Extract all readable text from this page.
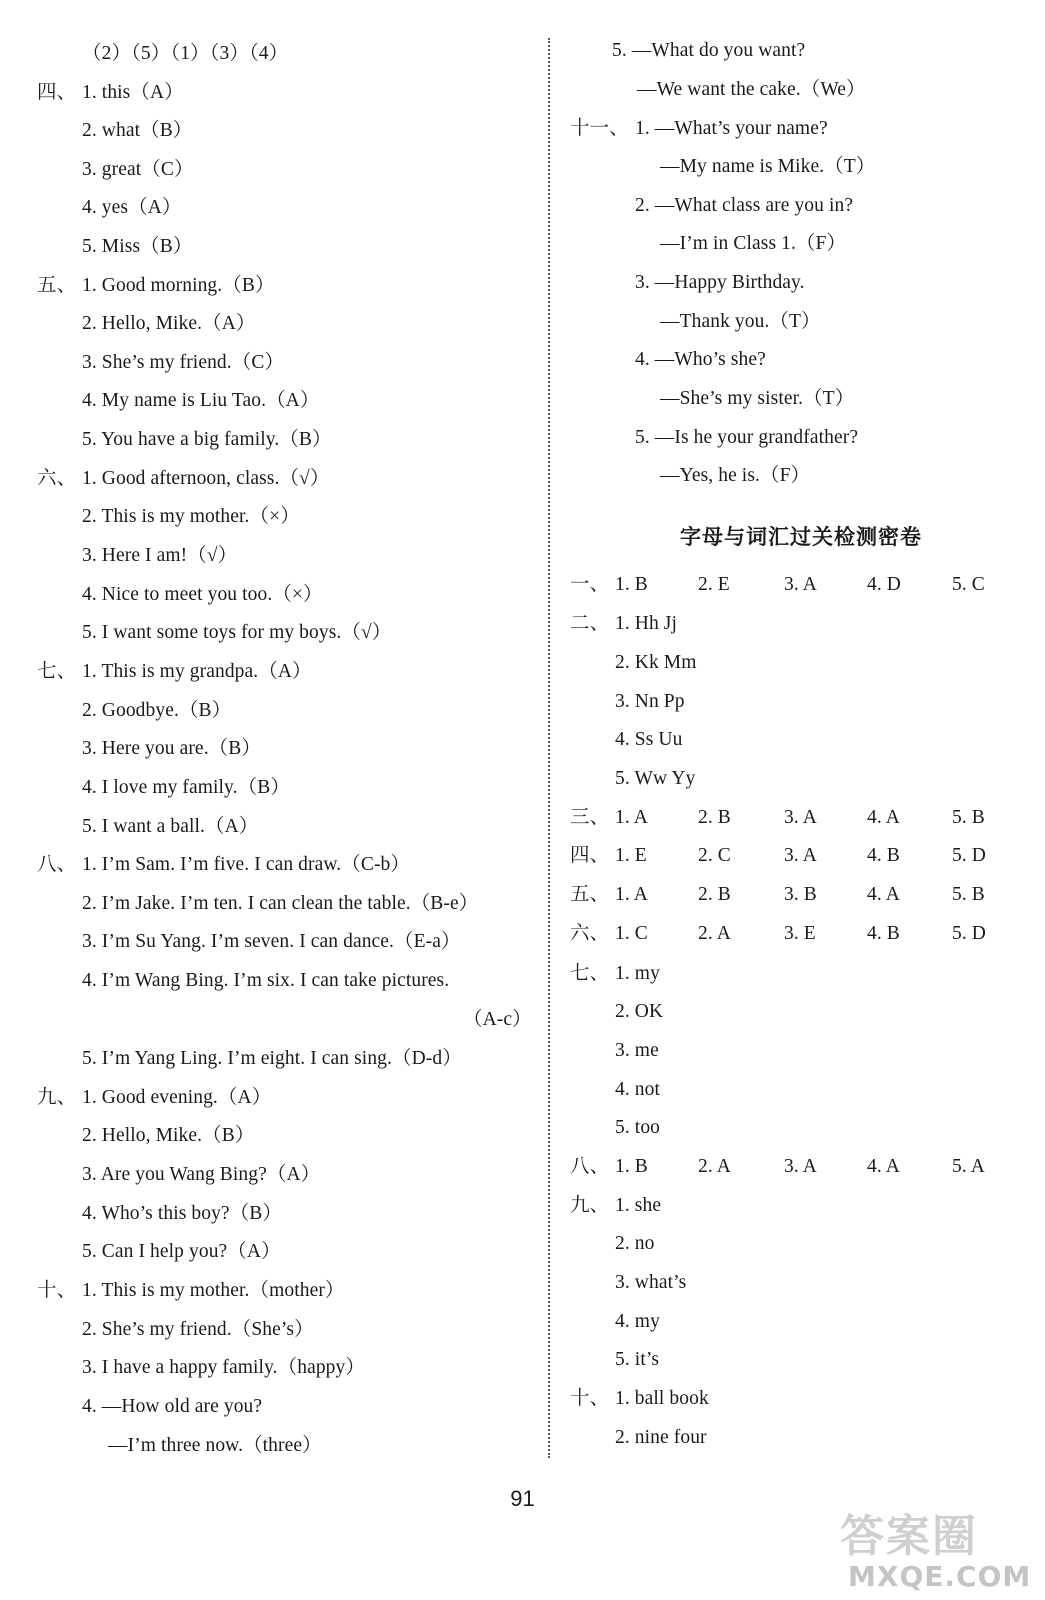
（2）（5）（1）（3）（4）
四、 1. this（A）
2. what（B）
3. great（C）
4. yes（A）
5. Miss（B）
五、 1. Good morning.（B）
2. Hello, Mike.（A）
3. She’s my friend.（C）
4. My name is Liu Tao.（A）
5. You have a big family.（B）
六、 1. Good afternoon, class.（√）
2. This is my mother.（×）
3. Here I am!（√）
4. Nice to meet you too.（×）
5. I want some toys for my boys.（√）
七、 1. This is my grandpa.（A）
2. Goodbye.（B）
3. Here you are.（B）
4. I love my family.（B）
5. I want a ball.（A）
八、 1. I’m Sam. I’m five. I can draw.（C-b）
2. I’m Jake. I’m ten. I can clean the table.（B-e）
3. I’m Su Yang. I’m seven. I can dance.（E-a）
4. I’m Wang Bing. I’m six. I can take pictures.
（A-c）
5. I’m Yang Ling. I’m eight. I can sing.（D-d）
九、 1. Good evening.（A）
2. Hello, Mike.（B）
3. Are you Wang Bing?（A）
4. Who’s this boy?（B）
5. Can I help you?（A）
十、 1. This is my mother.（mother）
2. She’s my friend.（She’s）
3. I have a happy family.（happy）
4. —How old are you?
—I’m three now.（three）
5. —What do you want?
—We want the cake.（We）
十一、 1. —What’s your name?
—My name is Mike.（T）
2. —What class are you in?
—I’m in Class 1.（F）
3. —Happy Birthday.
—Thank you.（T）
4. —Who’s she?
—She’s my sister.（T）
5. —Is he your grandfather?
—Yes, he is.（F）
七、 1. my
2. OK
3. me
4. not
5. too
九、 1. she
2. no
3. what’s
4. my
5. it’s
十、 1. ball book
2. nine four
二、 1. Hh Jj
2. Kk Mm
3. Nn Pp
4. Ss Uu
5. Ww Yy
一、 1. B	2. E	3. A	4. D	5. C
三、 1. A	2. B	3. A	4. A	5. B
四、 1. E	2. C	3. A	4. B	5. D
五、 1. A	2. B	3. B	4. A	5. B
六、 1. C	2. A	3. E	4. B	5. D
八、 1. B	2. A	3. A	4. A	5. A
字母与词汇过关检测密卷
91
答案圈
MXQE.COM
